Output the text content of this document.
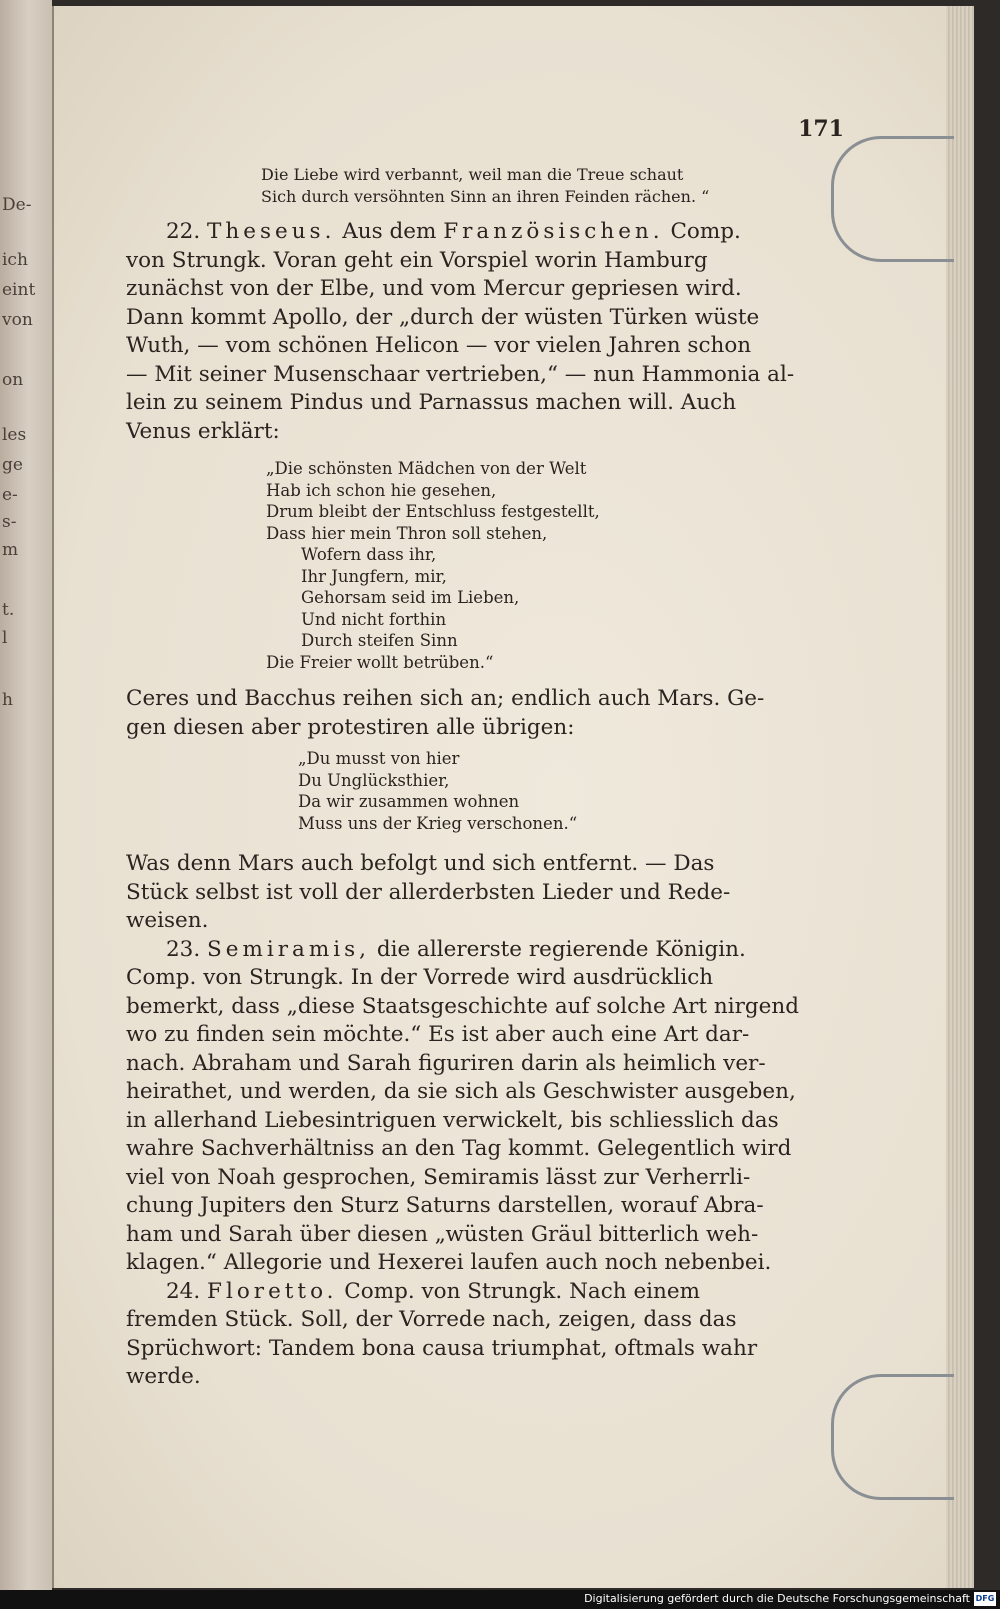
De-
ich
eint
von
on
les
ge
e-
s-
m
t.
l
h
171

Die Liebe wird verbannt, weil man die Treue schaut

Sich durch versöhnten Sinn an ihren Feinden rächen. “

22. Theseus. Aus dem Französischen. Comp.

von Strungk. Voran geht ein Vorspiel worin Hamburg

zunächst von der Elbe, und vom Mercur gepriesen wird.

Dann kommt Apollo, der „durch der wüsten Türken wüste

Wuth, — vom schönen Helicon — vor vielen Jahren schon

— Mit seiner Musenschaar vertrieben,“ — nun Hammonia al-

lein zu seinem Pindus und Parnassus machen will. Auch

Venus erklärt:

„Die schönsten Mädchen von der Welt

Hab ich schon hie gesehen,

Drum bleibt der Entschluss festgestellt,

Dass hier mein Thron soll stehen,

Wofern dass ihr,

Ihr Jungfern, mir,

Gehorsam seid im Lieben,

Und nicht forthin

Durch steifen Sinn

Die Freier wollt betrüben.“

Ceres und Bacchus reihen sich an; endlich auch Mars. Ge-

gen diesen aber protestiren alle übrigen:

„Du musst von hier

Du Unglücksthier,

Da wir zusammen wohnen

Muss uns der Krieg verschonen.“

Was denn Mars auch befolgt und sich entfernt. — Das

Stück selbst ist voll der allerderbsten Lieder und Rede-

weisen.

23. Semiramis, die allererste regierende Königin.

Comp. von Strungk. In der Vorrede wird ausdrücklich

bemerkt, dass „diese Staatsgeschichte auf solche Art nirgend

wo zu finden sein möchte.“ Es ist aber auch eine Art dar-

nach. Abraham und Sarah figuriren darin als heimlich ver-

heirathet, und werden, da sie sich als Geschwister ausgeben,

in allerhand Liebesintriguen verwickelt, bis schliesslich das

wahre Sachverhältniss an den Tag kommt. Gelegentlich wird

viel von Noah gesprochen, Semiramis lässt zur Verherrli-

chung Jupiters den Sturz Saturns darstellen, worauf Abra-

ham und Sarah über diesen „wüsten Gräul bitterlich weh-

klagen.“ Allegorie und Hexerei laufen auch noch nebenbei.

24. Floretto. Comp. von Strungk. Nach einem

fremden Stück. Soll, der Vorrede nach, zeigen, dass das

Sprüchwort: Tandem bona causa triumphat, oftmals wahr

werde.

Digitalisierung gefördert durch die Deutsche Forschungsgemeinschaft DFG
